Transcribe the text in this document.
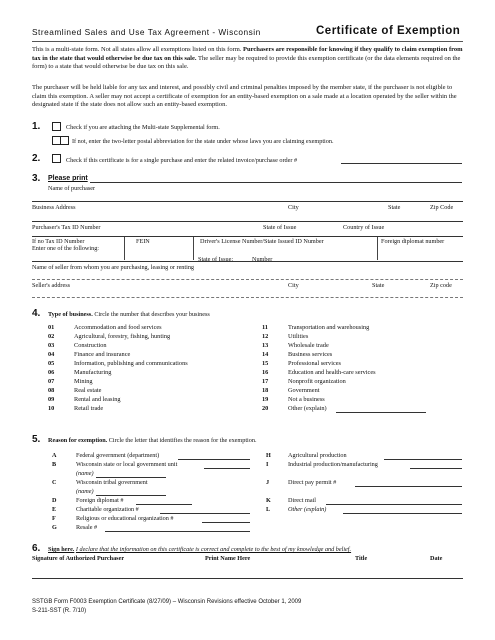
Streamlined Sales and Use Tax Agreement - Wisconsin	Certificate of Exemption
This is a multi-state form. Not all states allow all exemptions listed on this form. Purchasers are responsible for knowing if they qualify to claim exemption from tax in the state that would otherwise be due tax on this sale. The seller may be required to provide this exemption certificate (or the data elements required on the form) to a state that would otherwise be due tax on this sale.
The purchaser will be held liable for any tax and interest, and possibly civil and criminal penalties imposed by the member state, if the purchaser is not eligible to claim this exemption. A seller may not accept a certificate of exemption for an entity-based exemption on a sale made at a location operated by the seller within the designated state if the state does not allow such an entity-based exemption.
1.	Check if you are attaching the Multi-state Supplemental form.
If not, enter the two-letter postal abbreviation for the state under whose laws you are claiming exemption.
2.	Check if this certificate is for a single purchase and enter the related invoice/purchase order #
3. Please print
Name of purchaser
Business Address	City	State	Zip Code
Purchaser's Tax ID Number	State of Issue	Country of Issue
If no Tax ID Number
Enter one of the following:
FEIN	Driver's License Number/State Issued ID Number	Foreign diplomat number
State of Issue:	Number
Name of seller from whom you are purchasing, leasing or renting
Seller's address	City	State	Zip code
4. Type of business. Circle the number that describes your business
01	Accommodation and food services
02	Agricultural, forestry, fishing, hunting
03	Construction
04	Finance and insurance
05	Information, publishing and communications
06	Manufacturing
07	Mining
08	Real estate
09	Rental and leasing
10	Retail trade
11	Transportation and warehousing
12	Utilities
13	Wholesale trade
14	Business services
15	Professional services
16	Education and health-care services
17	Nonprofit organization
18	Government
19	Not a business
20	Other (explain)
5. Reason for exemption. Circle the letter that identifies the reason for the exemption.
A	Federal government (department)
B	Wisconsin state or local government unit
(name)
C	Wisconsin tribal government
(name)
D	Foreign diplomat #
E	Charitable organization #
F	Religious or educational organization #
G	Resale #
H	Agricultural production
I	Industrial production/manufacturing
J	Direct pay permit #
K	Direct mail
L	Other (explain)
6. Sign here. I declare that the information on this certificate is correct and complete to the best of my knowledge and belief.
Signature of Authorized Purchaser	Print Name Here	Title	Date
SSTGB Form F0003 Exemption Certificate (8/27/09) – Wisconsin Revisions effective October 1, 2009
S-211-SST (R. 7/10)
